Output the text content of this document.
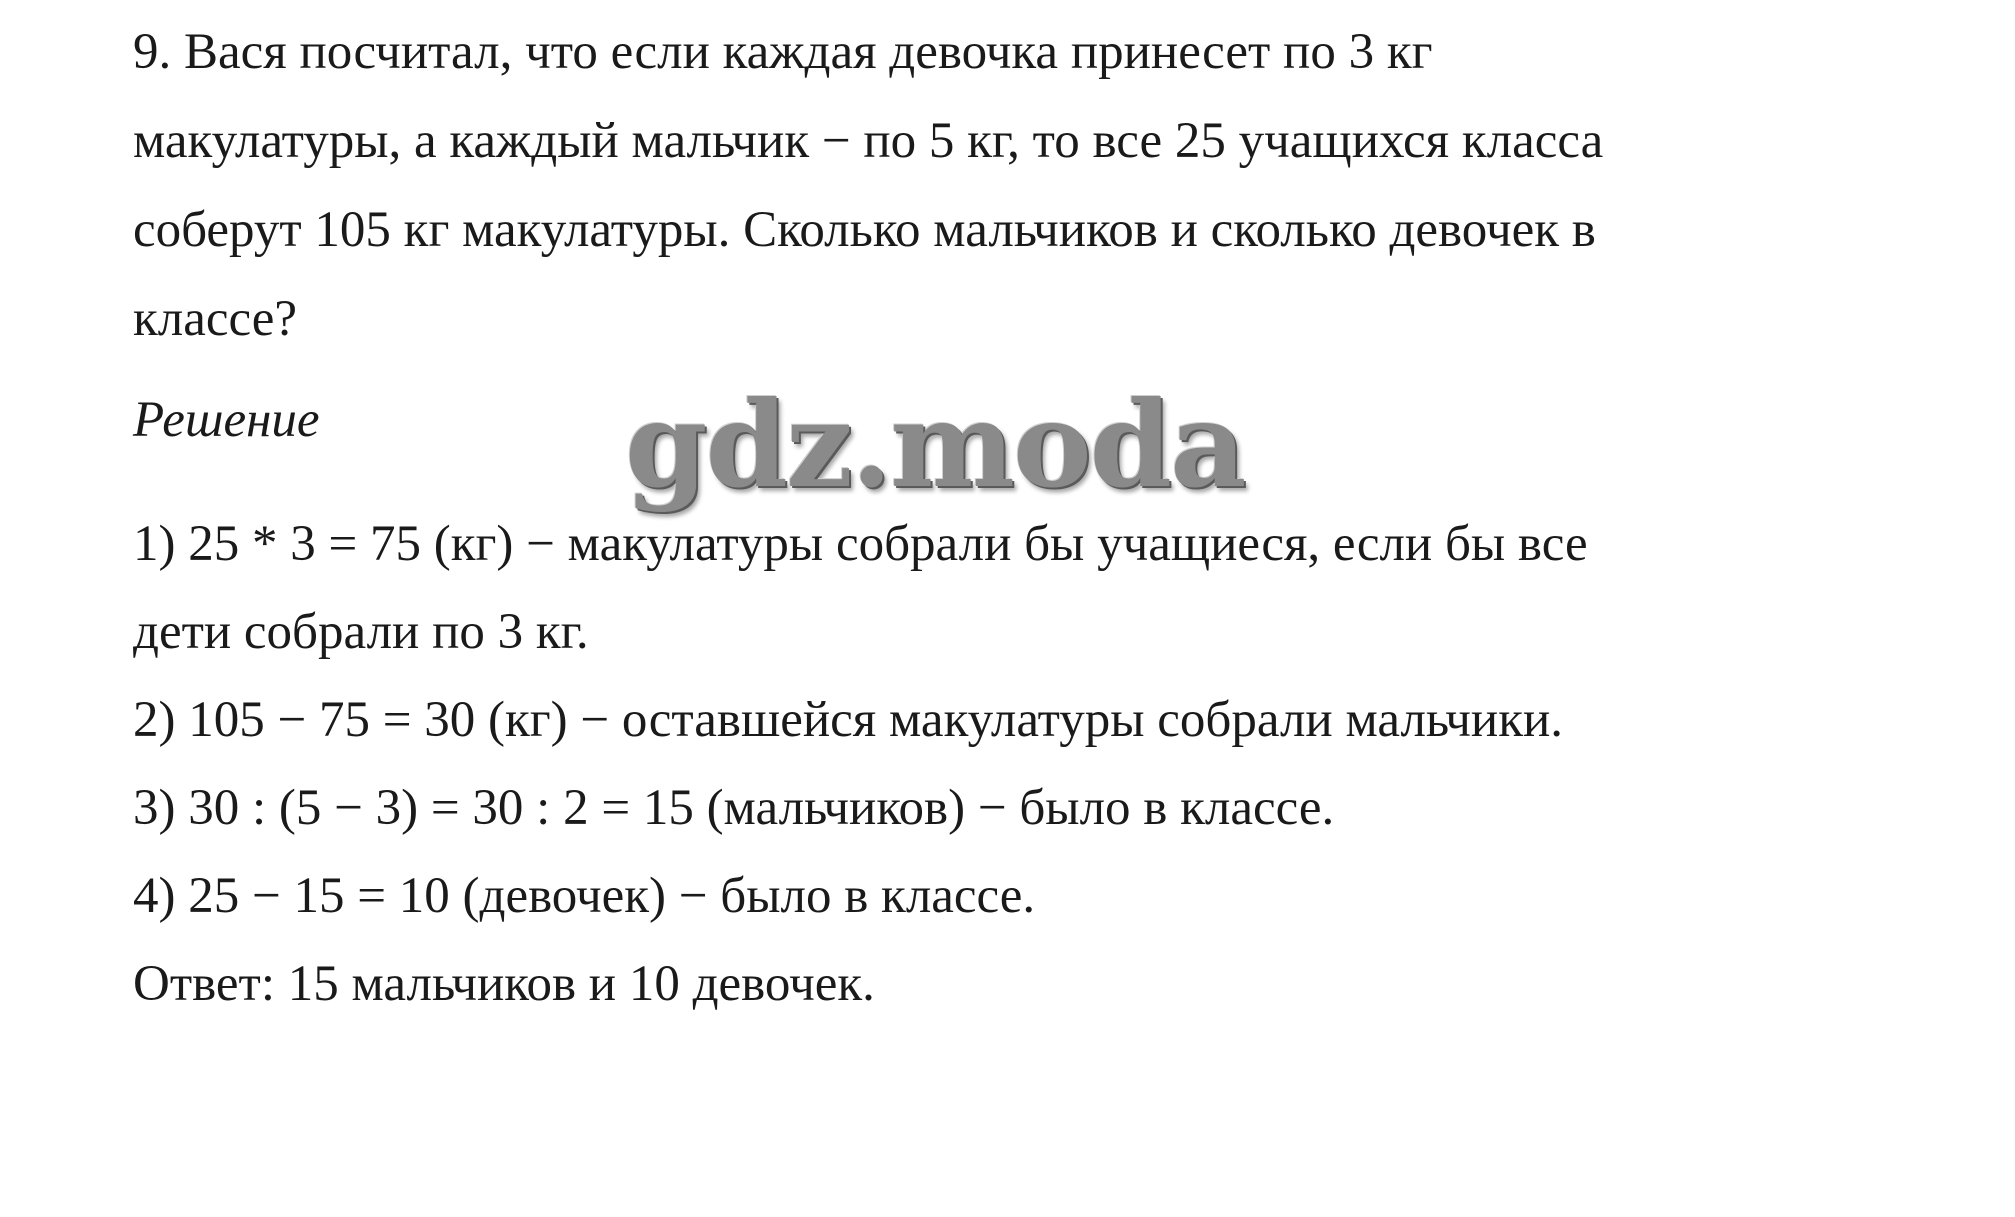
9. Вася посчитал, что если каждая девочка принесет по 3 кг
макулатуры, а каждый мальчик − по 5 кг, то все 25 учащихся класса
соберут 105 кг макулатуры. Сколько мальчиков и сколько девочек в
классе?
Решение	gdz.moda
1) 25 * 3 = 75 (кг) − макулатуры собрали бы учащиеся, если бы все
дети собрали по 3 кг.
2) 105 − 75 = 30 (кг) − оставшейся макулатуры собрали мальчики.
3) 30 : (5 − 3) = 30 : 2 = 15 (мальчиков) − было в классе.
4) 25 − 15 = 10 (девочек) − было в классе.
Ответ: 15 мальчиков и 10 девочек.
